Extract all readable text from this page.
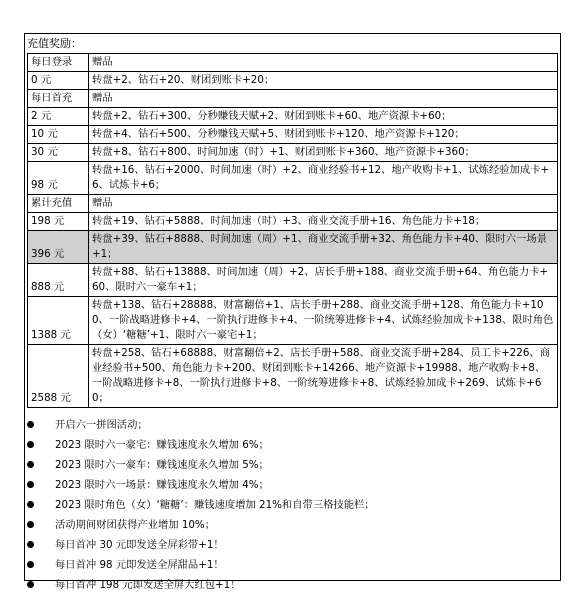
充值奖励：
每日登录	赠品
0 元	转盘+2、钻石+20、财团到账卡+20；
每日首充	赠品
2 元	转盘+2、钻石+300、分秒赚钱天赋+2、财团到账卡+60、地产资源卡+60；
10 元	转盘+4、钻石+500、分秒赚钱天赋+5、财团到账卡+120、地产资源卡+120；
30 元	转盘+8、钻石+800、时间加速（时）+1、财团到账卡+360、地产资源卡+360；
98 元	转盘+16、钻石+2000、时间加速（时）+2、商业经验书+12、地产收购卡+1、试炼经验加成卡+6、试炼卡+6；
累计充值	赠品
198 元	转盘+19、钻石+5888、时间加速（时）+3、商业交流手册+16、角色能力卡+18；
396 元	转盘+39、钻石+8888、时间加速（周）+1、商业交流手册+32、角色能力卡+40、限时六一场景+1；
888 元	转盘+88、钻石+13888、时间加速（周）+2、店长手册+188、商业交流手册+64、角色能力卡+60、限时六一豪车+1；
1388 元	转盘+138、钻石+28888、财富翻倍+1、店长手册+288、商业交流手册+128、角色能力卡+100、一阶战略进修卡+4、一阶执行进修卡+4、一阶统筹进修卡+4、试炼经验加成卡+138、限时角色（女）‘糖糖’+1、限时六一豪宅+1；
2588 元	转盘+258、钻石+68888、财富翻倍+2、店长手册+588、商业交流手册+284、员工卡+226、商业经验书+500、角色能力卡+200、财团到账卡+14266、地产资源卡+19988、地产收购卡+8、一阶战略进修卡+8、一阶执行进修卡+8、一阶统筹进修卡+8、试炼经验加成卡+269、试炼卡+60；
开启六一拼图活动；
2023 限时六一豪宅：赚钱速度永久增加 6%；
2023 限时六一豪车：赚钱速度永久增加 5%；
2023 限时六一场景：赚钱速度永久增加 4%；
2023 限时角色（女）‘糖糖’：赚钱速度增加 21%和自带三格技能栏；
活动期间财团获得产业增加 10%；
每日首冲 30 元即发送全屏彩带+1！
每日首冲 98 元即发送全屏甜品+1！
每日首冲 198 元即发送全屏大红包+1！
